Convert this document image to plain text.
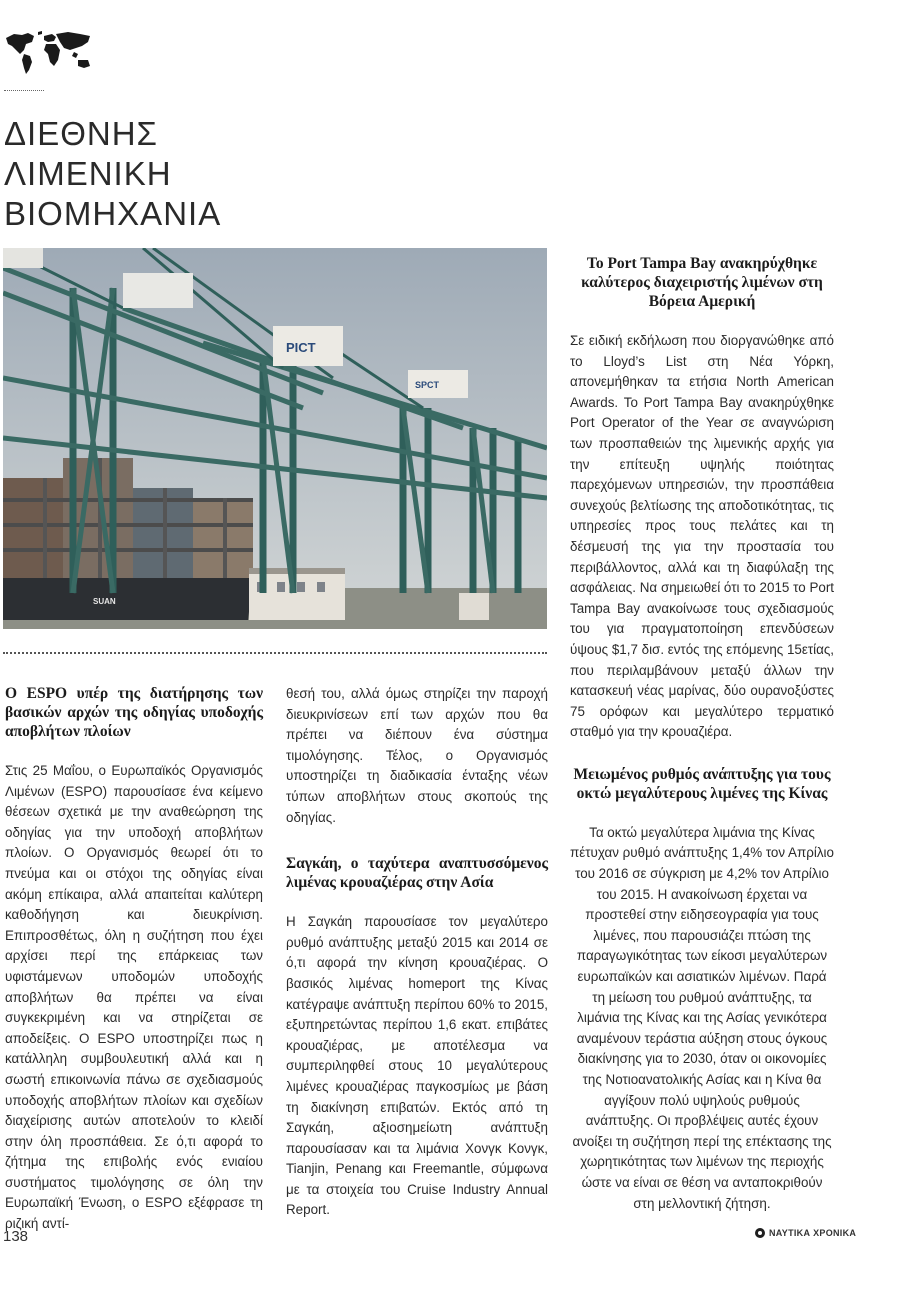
ΔΙΕΘΝΗΣ
ΛΙΜΕΝΙΚΗ
ΒΙΟΜΗΧΑΝΙΑ
PICT
SPCT
SUAN
Ο ESPO υπέρ της διατήρησης των βασικών αρχών της οδηγίας υποδοχής αποβλήτων πλοίων

Στις 25 Μαΐου, ο Ευρωπαϊκός Οργανισμός Λιμένων (ESPO) παρουσίασε ένα κείμενο θέσεων σχετικά με την αναθεώρηση της οδηγίας για την υποδοχή αποβλήτων πλοίων. Ο Οργανισμός θεωρεί ότι το πνεύμα και οι στόχοι της οδηγίας είναι ακόμη επίκαιρα, αλλά απαιτείται καλύτερη καθοδήγηση και διευκρίνιση. Επιπροσθέτως, όλη η συζήτηση που έχει αρχίσει περί της επάρκειας των υφιστάμενων υποδομών υποδοχής αποβλήτων θα πρέπει να είναι συγκεκριμένη και να στηρίζεται σε αποδείξεις. Ο ESPO υποστηρίζει πως η κατάλληλη συμβουλευτική αλλά και η σωστή επικοινωνία πάνω σε σχεδιασμούς υποδοχής αποβλήτων πλοίων και σχεδίων διαχείρισης αυτών αποτελούν το κλειδί στην όλη προσπάθεια. Σε ό,τι αφορά το ζήτημα της επιβολής ενός ενιαίου συστήματος τιμολόγησης σε όλη την Ευρωπαϊκή Ένωση, ο ESPO εξέφρασε τη ριζική αντί-

θεσή του, αλλά όμως στηρίζει την παροχή διευκρινίσεων επί των αρχών που θα πρέπει να διέπουν ένα σύστημα τιμολόγησης. Τέλος, ο Οργανισμός υποστηρίζει τη διαδικασία ένταξης νέων τύπων αποβλήτων στους σκοπούς της οδηγίας.

Σαγκάη, ο ταχύτερα αναπτυσσόμενος λιμένας κρουαζιέρας στην Ασία

Η Σαγκάη παρουσίασε τον μεγαλύτερο ρυθμό ανάπτυξης μεταξύ 2015 και 2014 σε ό,τι αφορά την κίνηση κρουαζιέρας. Ο βασικός λιμένας homeport της Κίνας κατέγραψε ανάπτυξη περίπου 60% το 2015, εξυπηρετώντας περίπου 1,6 εκατ. επιβάτες κρουαζιέρας, με αποτέλεσμα να συμπεριληφθεί στους 10 μεγαλύτερους λιμένες κρουαζιέρας παγκοσμίως με βάση τη διακίνηση επιβατών. Εκτός από τη Σαγκάη, αξιοσημείωτη ανάπτυξη παρουσίασαν και τα λιμάνια Χονγκ Κονγκ, Tianjin, Penang και Freemantle, σύμφωνα με τα στοιχεία του Cruise Industry Annual Report.

Το Port Tampa Bay ανακηρύχθηκε καλύτερος διαχειριστής λιμένων στη Βόρεια Αμερική

Σε ειδική εκδήλωση που διοργανώθηκε από το Lloyd’s List στη Νέα Υόρκη, απονεμήθηκαν τα ετήσια North American Awards. Το Port Tampa Bay ανακηρύχθηκε Port Operator of the Year σε αναγνώριση των προσπαθειών της λιμενικής αρχής για την επίτευξη υψηλής ποιότητας παρεχόμενων υπηρεσιών, την προσπάθεια συνεχούς βελτίωσης της αποδοτικότητας, τις υπηρεσίες προς τους πελάτες και τη δέσμευσή της για την προστασία του περιβάλλοντος, αλλά και τη διαφύλαξη της ασφάλειας. Να σημειωθεί ότι το 2015 το Port Tampa Bay ανακοίνωσε τους σχεδιασμούς του για πραγματοποίηση επενδύσεων ύψους $1,7 δισ. εντός της επόμενης 15ετίας, που περιλαμβάνουν μεταξύ άλλων την κατασκευή νέας μαρίνας, δύο ουρανοξύστες 75 ορόφων και μεγαλύτερο τερματικό σταθμό για την κρουαζιέρα.

Μειωμένος ρυθμός ανάπτυξης για τους οκτώ μεγαλύτερους λιμένες της Κίνας

Τα οκτώ μεγαλύτερα λιμάνια της Κίνας πέτυχαν ρυθμό ανάπτυξης 1,4% τον Απρίλιο του 2016 σε σύγκριση με 4,2% τον Απρίλιο του 2015. Η ανακοίνωση έρχεται να προστεθεί στην ειδησεογραφία για τους λιμένες, που παρουσιάζει πτώση της παραγωγικότητας των είκοσι μεγαλύτερων ευρωπαϊκών και ασιατικών λιμένων. Παρά τη μείωση του ρυθμού ανάπτυξης, τα λιμάνια της Κίνας και της Ασίας γενικότερα αναμένουν τεράστια αύξηση στους όγκους διακίνησης για το 2030, όταν οι οικονομίες της Νοτιοανατολικής Ασίας και η Κίνα θα αγγίξουν πολύ υψηλούς ρυθμούς ανάπτυξης. Οι προβλέψεις αυτές έχουν ανοίξει τη συζήτηση περί της επέκτασης της χωρητικότητας των λιμένων της περιοχής ώστε να είναι σε θέση να ανταποκριθούν στη μελλοντική ζήτηση.

138	ΝΑΥΤΙΚΑ ΧΡΟΝΙΚΑ
